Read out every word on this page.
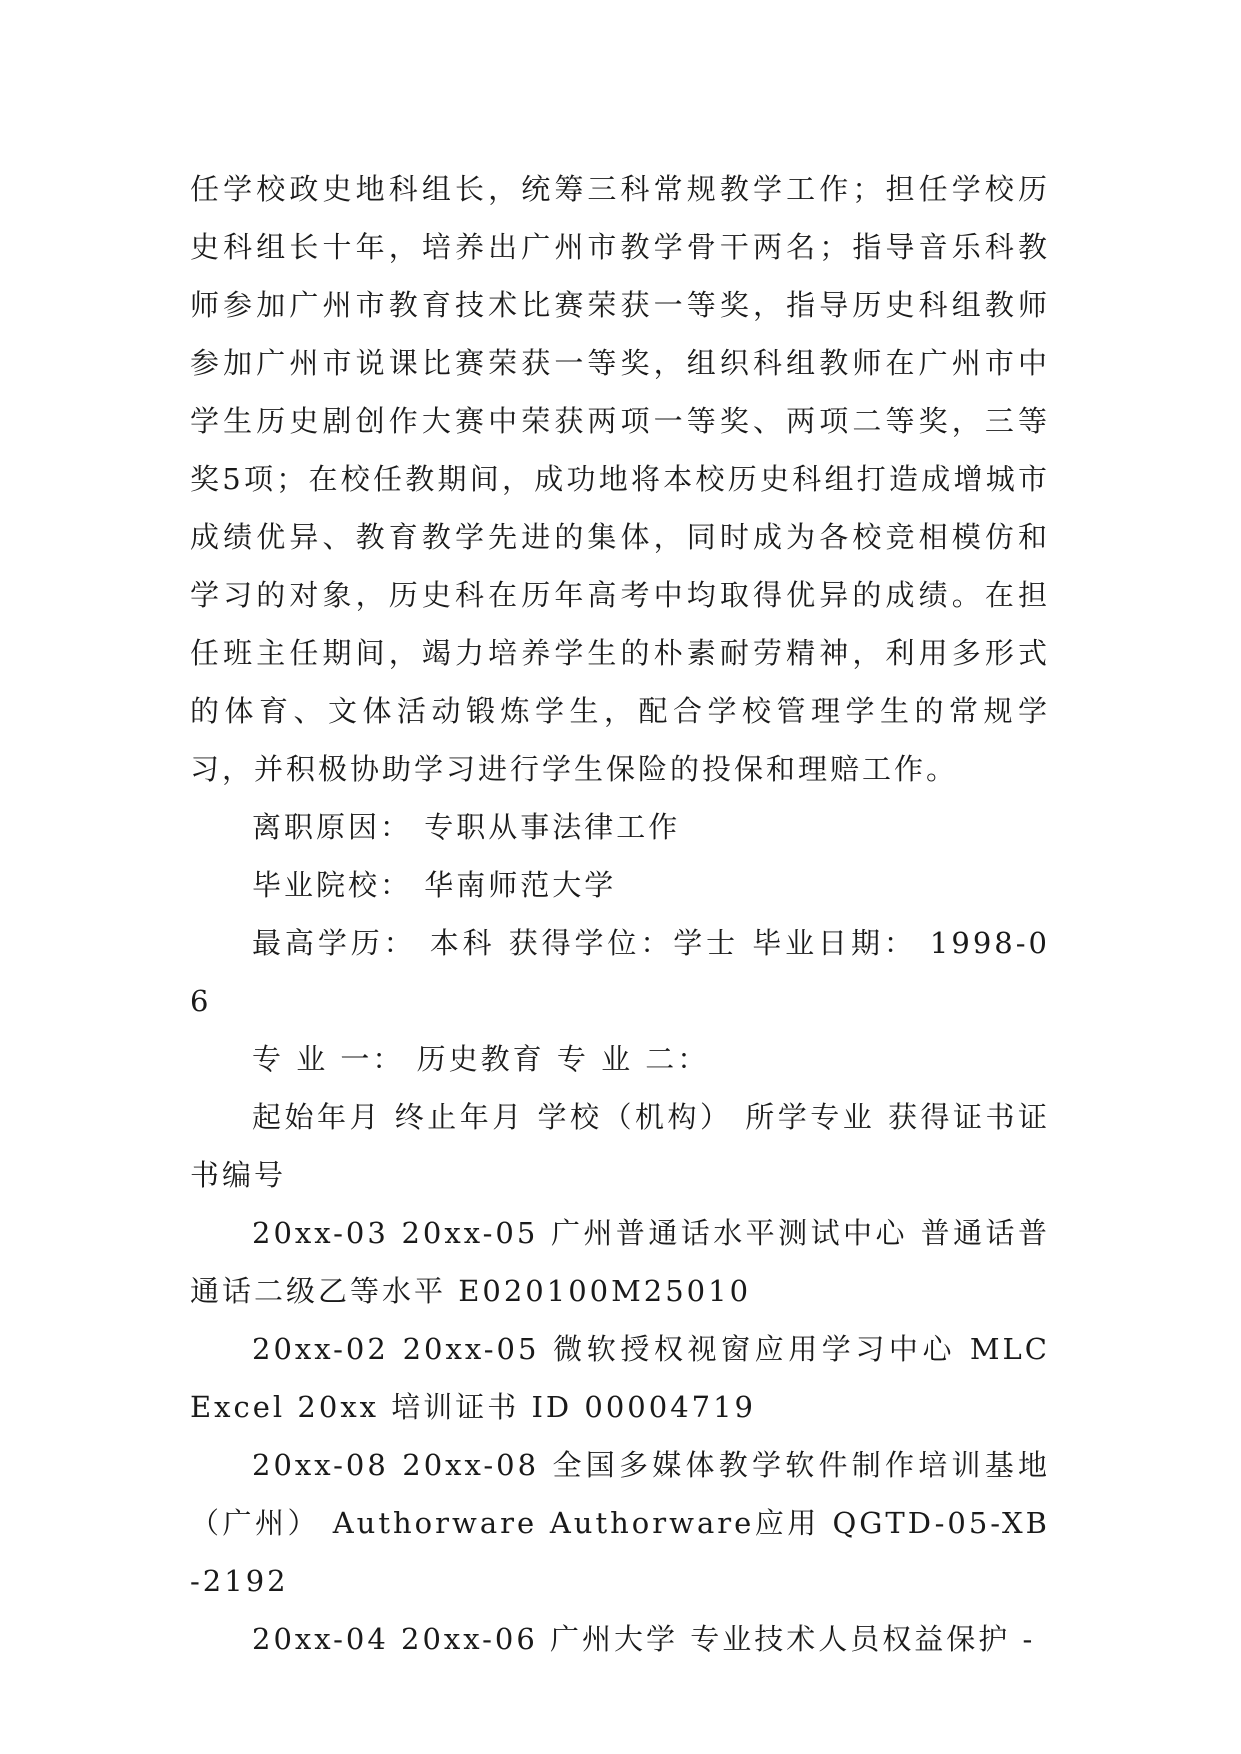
任学校政史地科组长，统筹三科常规教学工作；担任学校历史科组长十年，培养出广州市教学骨干两名；指导音乐科教师参加广州市教育技术比赛荣获一等奖，指导历史科组教师参加广州市说课比赛荣获一等奖，组织科组教师在广州市中学生历史剧创作大赛中荣获两项一等奖、两项二等奖，三等奖5项；在校任教期间，成功地将本校历史科组打造成增城市成绩优异、教育教学先进的集体，同时成为各校竞相模仿和学习的对象，历史科在历年高考中均取得优异的成绩。在担任班主任期间，竭力培养学生的朴素耐劳精神，利用多形式的体育、文体活动锻炼学生，配合学校管理学生的常规学习，并积极协助学习进行学生保险的投保和理赔工作。

离职原因： 专职从事法律工作

毕业院校： 华南师范大学

最高学历： 本科 获得学位：学士 毕业日期： 1998-06

专 业 一： 历史教育 专 业 二：

起始年月 终止年月 学校（机构） 所学专业 获得证书证书编号

20xx-03 20xx-05 广州普通话水平测试中心 普通话普通话二级乙等水平 E020100M25010

20xx-02 20xx-05 微软授权视窗应用学习中心 MLC Excel 20xx 培训证书 ID 00004719

20xx-08 20xx-08 全国多媒体教学软件制作培训基地（广州） Authorware Authorware应用 QGTD-05-XB-2192

20xx-04 20xx-06 广州大学 专业技术人员权益保护 -
